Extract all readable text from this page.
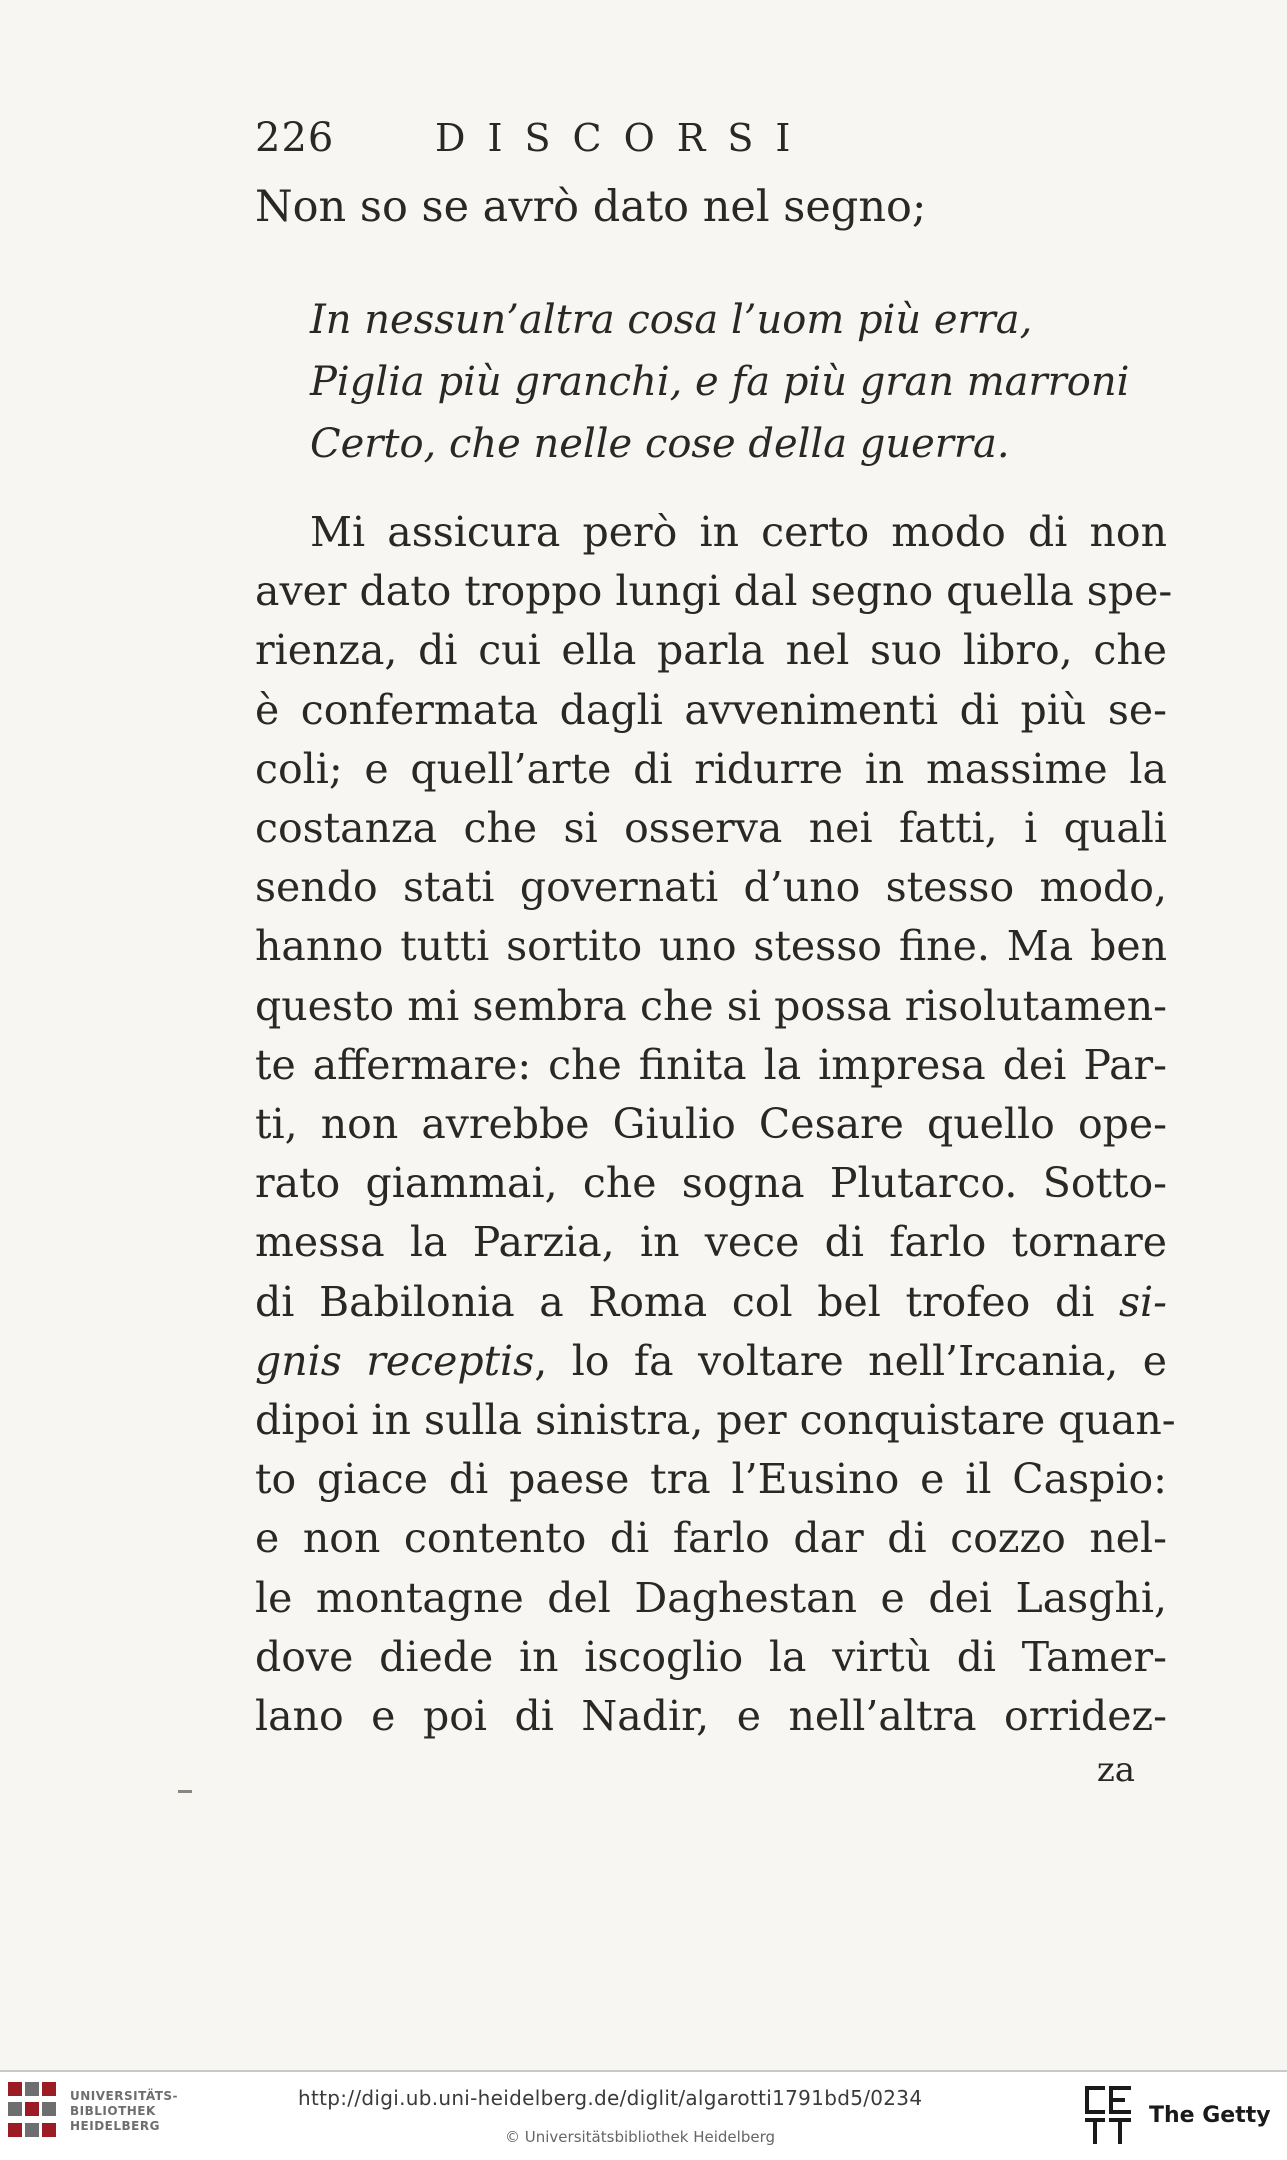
226	DISCORSI
Non so se avrò dato nel segno;
In nessun’altra cosa l’uom più erra,
Piglia più granchi, e fa più gran marroni
Certo, che nelle cose della guerra.
Mi assicura però in certo modo di non
aver dato troppo lungi dal segno quella spe-
rienza, di cui ella parla nel suo libro, che
è confermata dagli avvenimenti di più se-
coli; e quell’arte di ridurre in massime la
costanza che si osserva nei fatti, i quali
sendo stati governati d’uno stesso modo,
hanno tutti sortito uno stesso fine. Ma ben
questo mi sembra che si possa risolutamen-
te affermare: che finita la impresa dei Par-
ti, non avrebbe Giulio Cesare quello ope-
rato giammai, che sogna Plutarco. Sotto-
messa la Parzia, in vece di farlo tornare
di Babilonia a Roma col bel trofeo di si-
gnis receptis, lo fa voltare nell’Ircania, e
dipoi in sulla sinistra, per conquistare quan-
to giace di paese tra l’Eusino e il Caspio:
e non contento di farlo dar di cozzo nel-
le montagne del Daghestan e dei Lasghi,
dove diede in iscoglio la virtù di Tamer-
lano e poi di Nadir, e nell’altra orridez-
za
UNIVERSITÄTS-
BIBLIOTHEK
HEIDELBERG
http://digi.ub.uni-heidelberg.de/diglit/algarotti1791bd5/0234
© Universitätsbibliothek Heidelberg
The Getty
